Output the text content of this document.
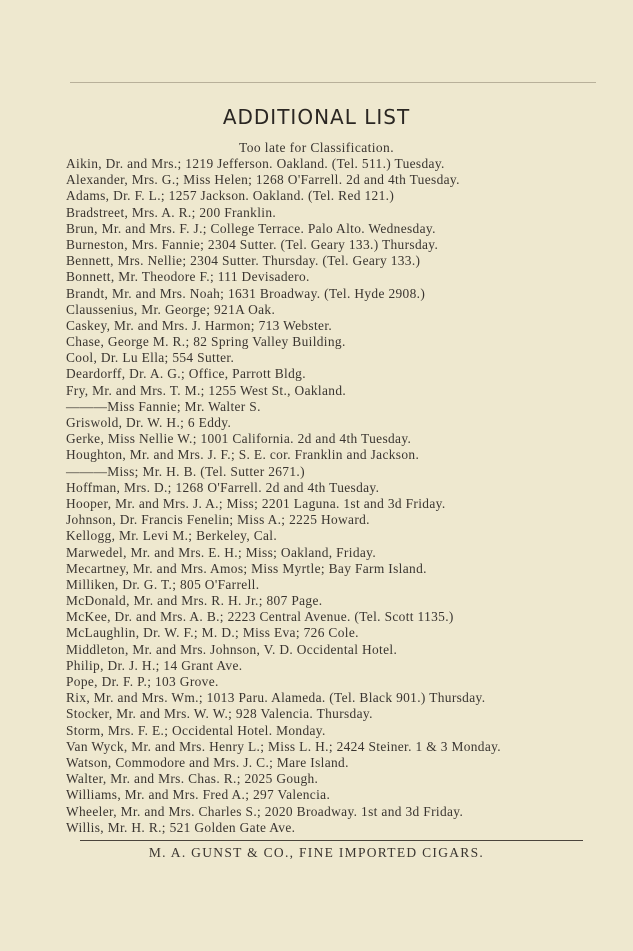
ADDITIONAL LIST
Too late for Classification.
Aikin, Dr. and Mrs.; 1219 Jefferson. Oakland. (Tel. 511.) Tuesday.
Alexander, Mrs. G.; Miss Helen; 1268 O'Farrell. 2d and 4th Tuesday.
Adams, Dr. F. L.; 1257 Jackson. Oakland. (Tel. Red 121.)
Bradstreet, Mrs. A. R.; 200 Franklin.
Brun, Mr. and Mrs. F. J.; College Terrace. Palo Alto. Wednesday.
Burneston, Mrs. Fannie; 2304 Sutter. (Tel. Geary 133.) Thursday.
Bennett, Mrs. Nellie; 2304 Sutter. Thursday. (Tel. Geary 133.)
Bonnett, Mr. Theodore F.; 111 Devisadero.
Brandt, Mr. and Mrs. Noah; 1631 Broadway. (Tel. Hyde 2908.)
Claussenius, Mr. George; 921A Oak.
Caskey, Mr. and Mrs. J. Harmon; 713 Webster.
Chase, George M. R.; 82 Spring Valley Building.
Cool, Dr. Lu Ella; 554 Sutter.
Deardorff, Dr. A. G.; Office, Parrott Bldg.
Fry, Mr. and Mrs. T. M.; 1255 West St., Oakland.
———Miss Fannie; Mr. Walter S.
Griswold, Dr. W. H.; 6 Eddy.
Gerke, Miss Nellie W.; 1001 California. 2d and 4th Tuesday.
Houghton, Mr. and Mrs. J. F.; S. E. cor. Franklin and Jackson.
———Miss; Mr. H. B. (Tel. Sutter 2671.)
Hoffman, Mrs. D.; 1268 O'Farrell. 2d and 4th Tuesday.
Hooper, Mr. and Mrs. J. A.; Miss; 2201 Laguna. 1st and 3d Friday.
Johnson, Dr. Francis Fenelin; Miss A.; 2225 Howard.
Kellogg, Mr. Levi M.; Berkeley, Cal.
Marwedel, Mr. and Mrs. E. H.; Miss; Oakland, Friday.
Mecartney, Mr. and Mrs. Amos; Miss Myrtle; Bay Farm Island.
Milliken, Dr. G. T.; 805 O'Farrell.
McDonald, Mr. and Mrs. R. H. Jr.; 807 Page.
McKee, Dr. and Mrs. A. B.; 2223 Central Avenue. (Tel. Scott 1135.)
McLaughlin, Dr. W. F.; M. D.; Miss Eva; 726 Cole.
Middleton, Mr. and Mrs. Johnson, V. D. Occidental Hotel.
Philip, Dr. J. H.; 14 Grant Ave.
Pope, Dr. F. P.; 103 Grove.
Rix, Mr. and Mrs. Wm.; 1013 Paru. Alameda. (Tel. Black 901.) Thursday.
Stocker, Mr. and Mrs. W. W.; 928 Valencia. Thursday.
Storm, Mrs. F. E.; Occidental Hotel. Monday.
Van Wyck, Mr. and Mrs. Henry L.; Miss L. H.; 2424 Steiner. 1 & 3 Monday.
Watson, Commodore and Mrs. J. C.; Mare Island.
Walter, Mr. and Mrs. Chas. R.; 2025 Gough.
Williams, Mr. and Mrs. Fred A.; 297 Valencia.
Wheeler, Mr. and Mrs. Charles S.; 2020 Broadway. 1st and 3d Friday.
Willis, Mr. H. R.; 521 Golden Gate Ave.
M. A. GUNST & CO., FINE IMPORTED CIGARS.
